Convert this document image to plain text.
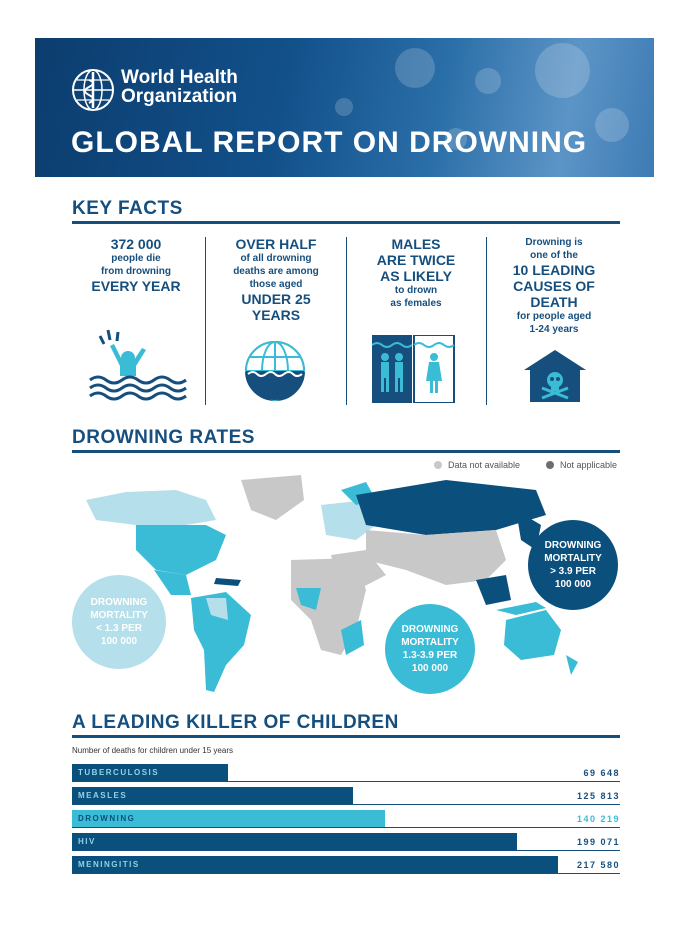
World Health
Organization
GLOBAL REPORT ON DROWNING
KEY FACTS
372 000
people die
from drowning
EVERY YEAR
OVER HALF
of all drowning
deaths are among
those aged
UNDER 25
YEARS
MALES
ARE TWICE
AS LIKELY
to drown
as females
Drowning is
one of the
10 LEADING
CAUSES OF
DEATH
for people aged
1-24 years
DROWNING RATES
Data not available	Not applicable
DROWNING
MORTALITY
< 1.3 PER
100 000
DROWNING
MORTALITY
1.3-3.9 PER
100 000
DROWNING
MORTALITY
> 3.9 PER
100 000
A LEADING KILLER OF CHILDREN
Number of deaths for children under 15 years
TUBERCULOSIS	69 648
MEASLES	125 813
DROWNING	140 219
HIV	199 071
MENINGITIS	217 580
